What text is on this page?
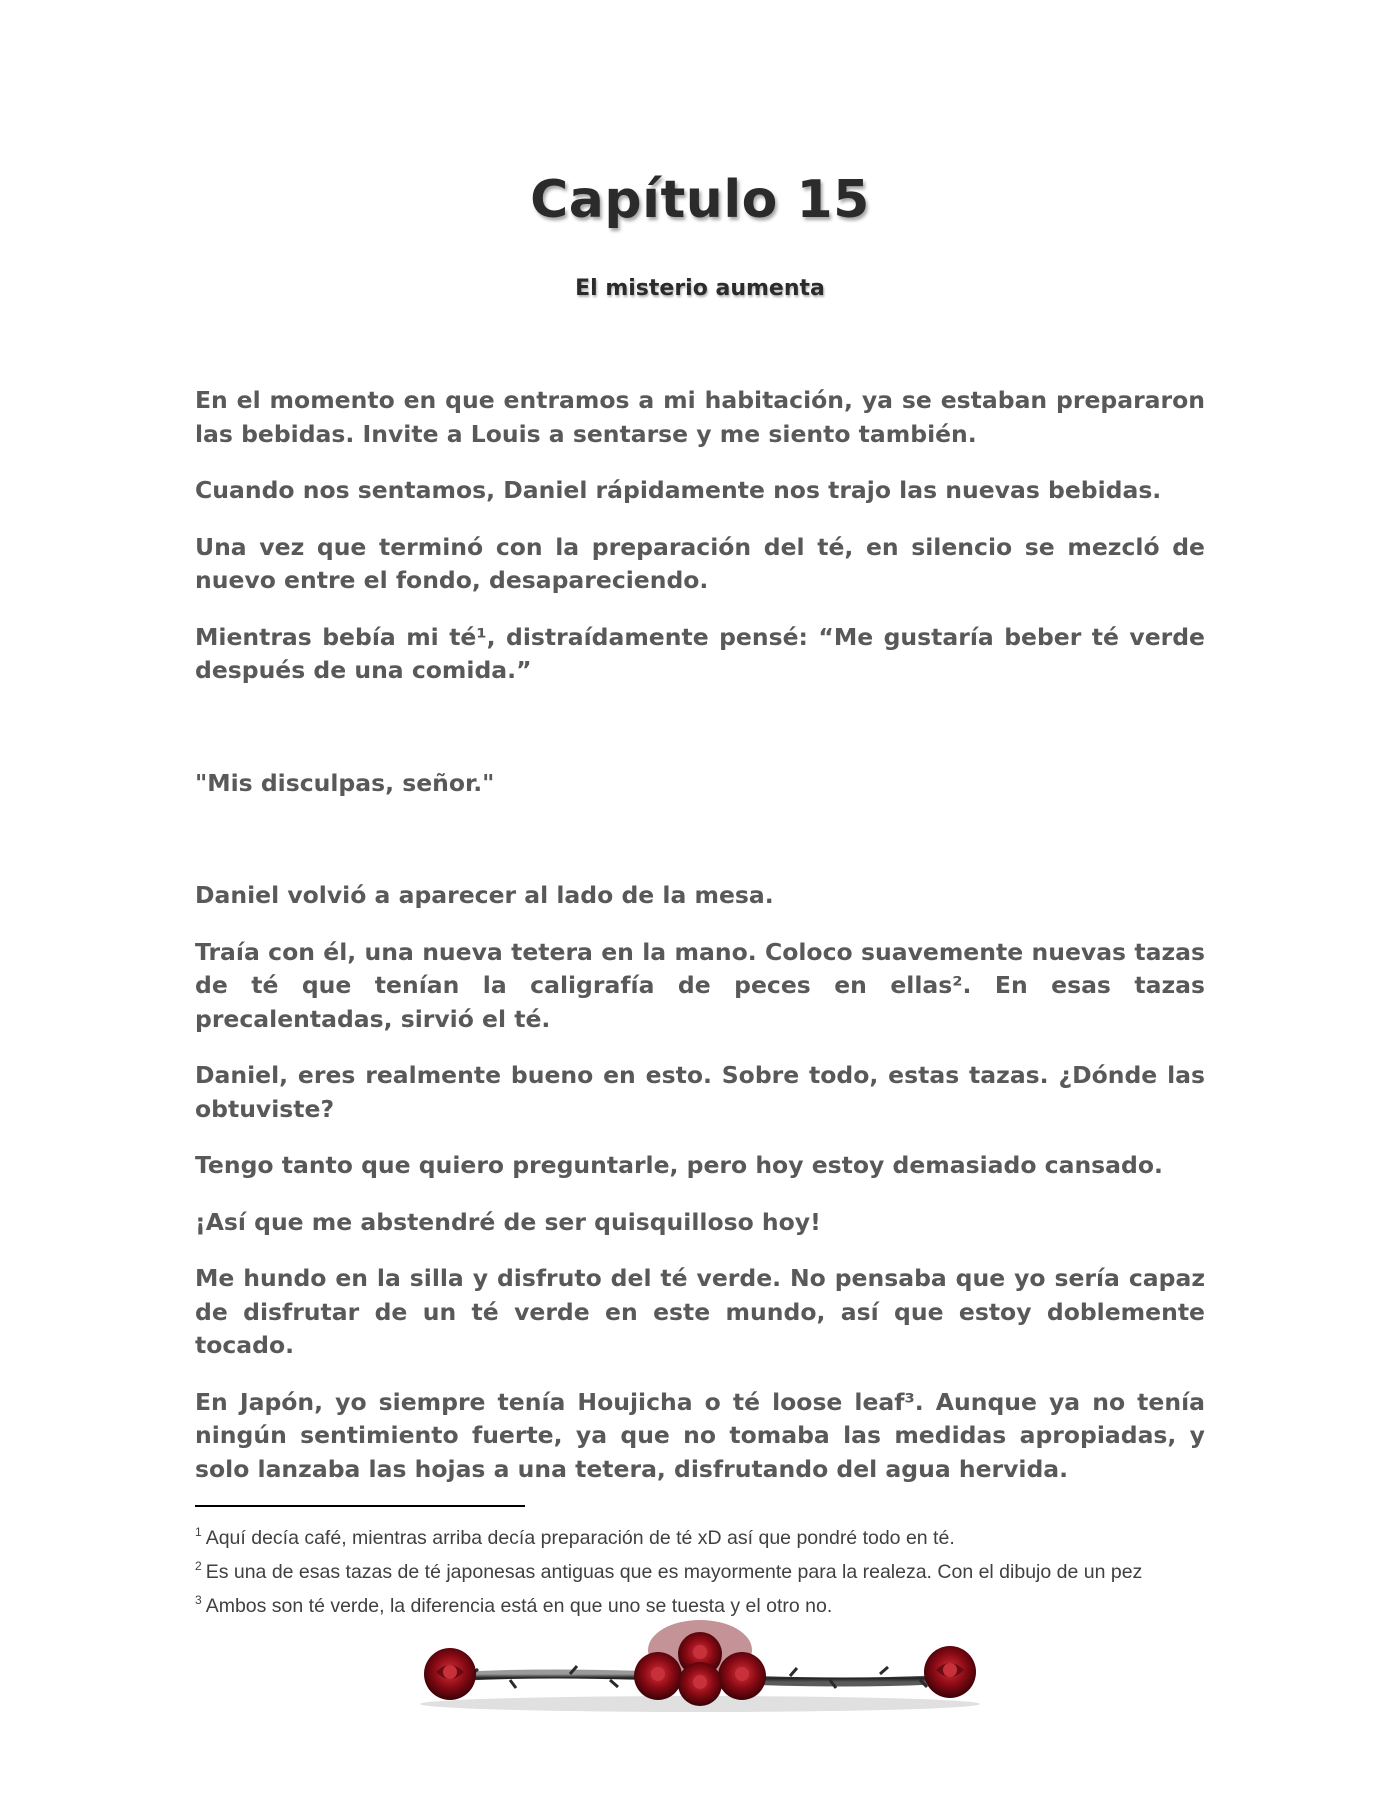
Capítulo 15
El misterio aumenta

En el momento en que entramos a mi habitación, ya se estaban prepararon las bebidas. Invite a Louis a sentarse y me siento también.

Cuando nos sentamos, Daniel rápidamente nos trajo las nuevas bebidas.

Una vez que terminó con la preparación del té, en silencio se mezcló de nuevo entre el fondo, desapareciendo.

Mientras bebía mi té¹, distraídamente pensé: “Me gustaría beber té verde después de una comida.”

"Mis disculpas, señor."

Daniel volvió a aparecer al lado de la mesa.

Traía con él, una nueva tetera en la mano. Coloco suavemente nuevas tazas de té que tenían la caligrafía de peces en ellas². En esas tazas precalentadas, sirvió el té.

Daniel, eres realmente bueno en esto. Sobre todo, estas tazas. ¿Dónde las obtuviste?

Tengo tanto que quiero preguntarle, pero hoy estoy demasiado cansado.

¡Así que me abstendré de ser quisquilloso hoy!

Me hundo en la silla y disfruto del té verde. No pensaba que yo sería capaz de disfrutar de un té verde en este mundo, así que estoy doblemente tocado.

En Japón, yo siempre tenía Houjicha o té loose leaf³. Aunque ya no tenía ningún sentimiento fuerte, ya que no tomaba las medidas apropiadas, y solo lanzaba las hojas a una tetera, disfrutando del agua hervida.

$^1$ Aquí decía café, mientras arriba decía preparación de té xD así que pondré todo en té.

$^2$ Es una de esas tazas de té japonesas antiguas que es mayormente para la realeza. Con el dibujo de un pez

$^3$ Ambos son té verde, la diferencia está en que uno se tuesta y el otro no.
